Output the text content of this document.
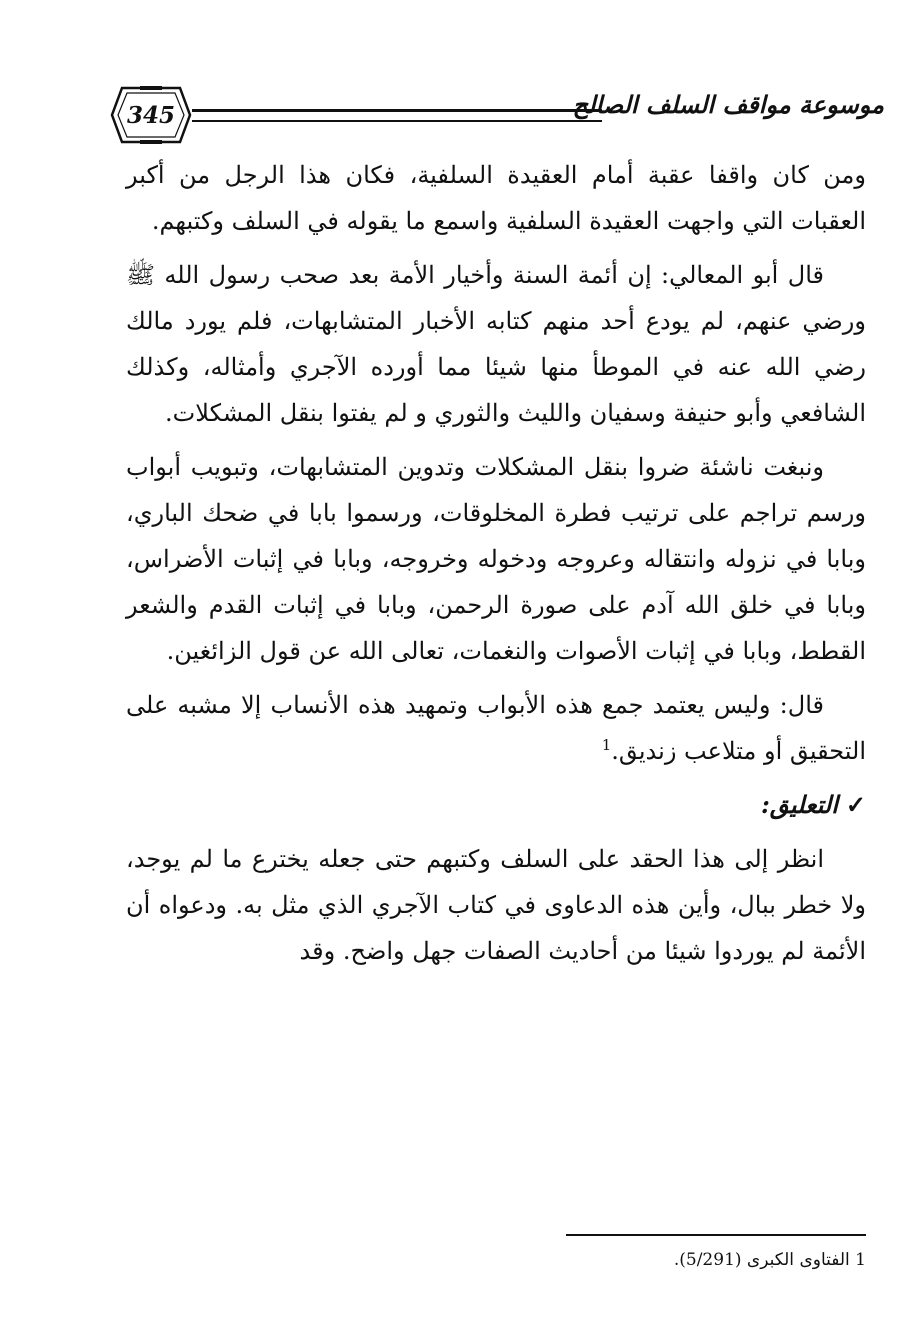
345	موسوعة مواقف السلف الصالح

ومن كان واقفا عقبة أمام العقيدة السلفية، فكان هذا الرجل من أكبر العقبات التي واجهت العقيدة السلفية واسمع ما يقوله في السلف وكتبهم.

قال أبو المعالي: إن أئمة السنة وأخيار الأمة بعد صحب رسول الله ﷺ ورضي عنهم، لم يودع أحد منهم كتابه الأخبار المتشابهات، فلم يورد مالك رضي الله عنه في الموطأ منها شيئا مما أورده الآجري وأمثاله، وكذلك الشافعي وأبو حنيفة وسفيان والليث والثوري و لم يفتوا بنقل المشكلات.

ونبغت ناشئة ضروا بنقل المشكلات وتدوين المتشابهات، وتبويب أبواب ورسم تراجم على ترتيب فطرة المخلوقات، ورسموا بابا في ضحك الباري، وبابا في نزوله وانتقاله وعروجه ودخوله وخروجه، وبابا في إثبات الأضراس، وبابا في خلق الله آدم على صورة الرحمن، وبابا في إثبات القدم والشعر القطط، وبابا في إثبات الأصوات والنغمات، تعالى الله عن قول الزائغين.

قال: وليس يعتمد جمع هذه الأبواب وتمهيد هذه الأنساب إلا مشبه على التحقيق أو متلاعب زنديق.$^1$

✓التعليق:

انظر إلى هذا الحقد على السلف وكتبهم حتى جعله يخترع ما لم يوجد، ولا خطر ببال، وأين هذه الدعاوى في كتاب الآجري الذي مثل به. ودعواه أن الأئمة لم يوردوا شيئا من أحاديث الصفات جهل واضح. وقد

1 الفتاوى الكبرى (5/291).
